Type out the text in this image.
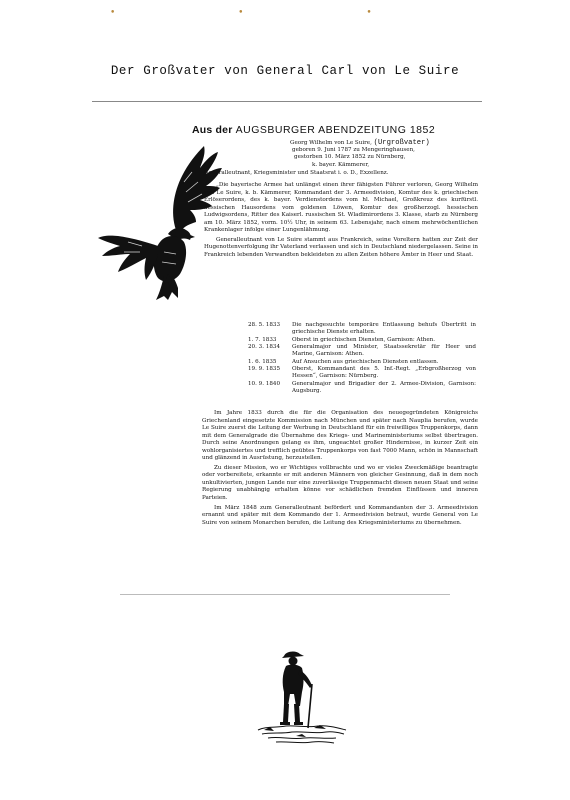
• • •
Der Großvater von General Carl von Le Suire
Aus der AUGSBURGER ABENDZEITUNG 1852
Georg Wilhelm von Le Suire, (Urgroßvater)
geboren 9. Juni 1787 zu Mengeringhausen,
gestorben 10. März 1852 zu Nürnberg,
k. bayer. Kämmerer,
Generalleutnant, Kriegsminister und Staatsrat i. o. D., Exzellenz.

„Die bayerische Armee hat unlängst einen ihrer fähigsten Führer verloren, Georg Wilhelm von Le Suire, k. b. Kämmerer, Kommandant der 3. Armeedivision, Komtur des k. griechischen Erlöserordens, des k. bayer. Verdienstordens vom hl. Michael, Großkreuz des kurfürstl. hessischen Hausordens vom goldenen Löwen, Komtur des großherzogl. hessischen Ludwigsordens, Ritter des Kaiserl. russischen St. Wladimirordens 3. Klasse, starb zu Nürnberg am 10. März 1852, vorm. 10½ Uhr, in seinem 63. Lebensjahr, nach einem mehrwöchentlichen Krankenlager infolge einer Lungenlähmung.

Generalleutnant von Le Suire stammt aus Frankreich, seine Voreltern hatten zur Zeit der Hugenottenverfolgung ihr Vaterland verlassen und sich in Deutschland niedergelassen. Seine in Frankreich lebenden Verwandten bekleideten zu allen Zeiten höhere Ämter in Heer und Staat.

28. 5. 1833	Die nachgesuchte temporäre Entlassung behufs Übertritt in griechische Dienste erhalten.
1. 7. 1833	Oberst in griechischen Diensten, Garnison: Athen.
20. 3. 1834	Generalmajor und Minister, Staatssekretär für Heer und Marine, Garnison: Athen.
1. 6. 1835	Auf Ansuchen aus griechischen Diensten entlassen.
19. 9. 1835	Oberst, Kommandant des 5. Inf.-Regt. „Erbgroßherzog von Hessen“, Garnison: Nürnberg.
10. 9. 1840	Generalmajor und Brigadier der 2. Armee-Division, Garnison: Augsburg.

Im Jahre 1833 durch die für die Organisation des neuegegründeten Königreichs Griechenland eingesetzte Kommission nach München und später nach Nauplia berufen, wurde Le Suire zuerst die Leitung der Werbung in Deutschland für ein freiwilliges Truppenkorps, dann mit dem Generalgrade die Übernahme des Kriegs- und Marineministeriums selbst übertragen. Durch seine Anordnungen gelang es ihm, ungeachtet großer Hindernisse, in kurzer Zeit ein wohlorganisiertes und trefflich geübtes Truppenkorps von fast 7000 Mann, schön in Mannschaft und glänzend in Ausrüstung, herzustellen.

Zu dieser Mission, wo er Wichtiges vollbrachte und wo er vieles Zweckmäßige beantragte oder vorbereitete, erkannte er mit anderen Männern von gleicher Gesinnung, daß in dem noch unkultivierten, jungen Lande nur eine zuverlässige Truppenmacht diesen neuen Staat und seine Regierung unabhängig erhalten könne vor schädlichen fremden Einflüssen und inneren Parteien.

Im März 1848 zum Generalleutnant befördert und Kommandanten der 3. Armeedivision ernannt und später mit dem Kommando der 1. Armeedivision betraut, wurde General von Le Suire von seinem Monarchen berufen, die Leitung des Kriegsministeriums zu übernehmen.
